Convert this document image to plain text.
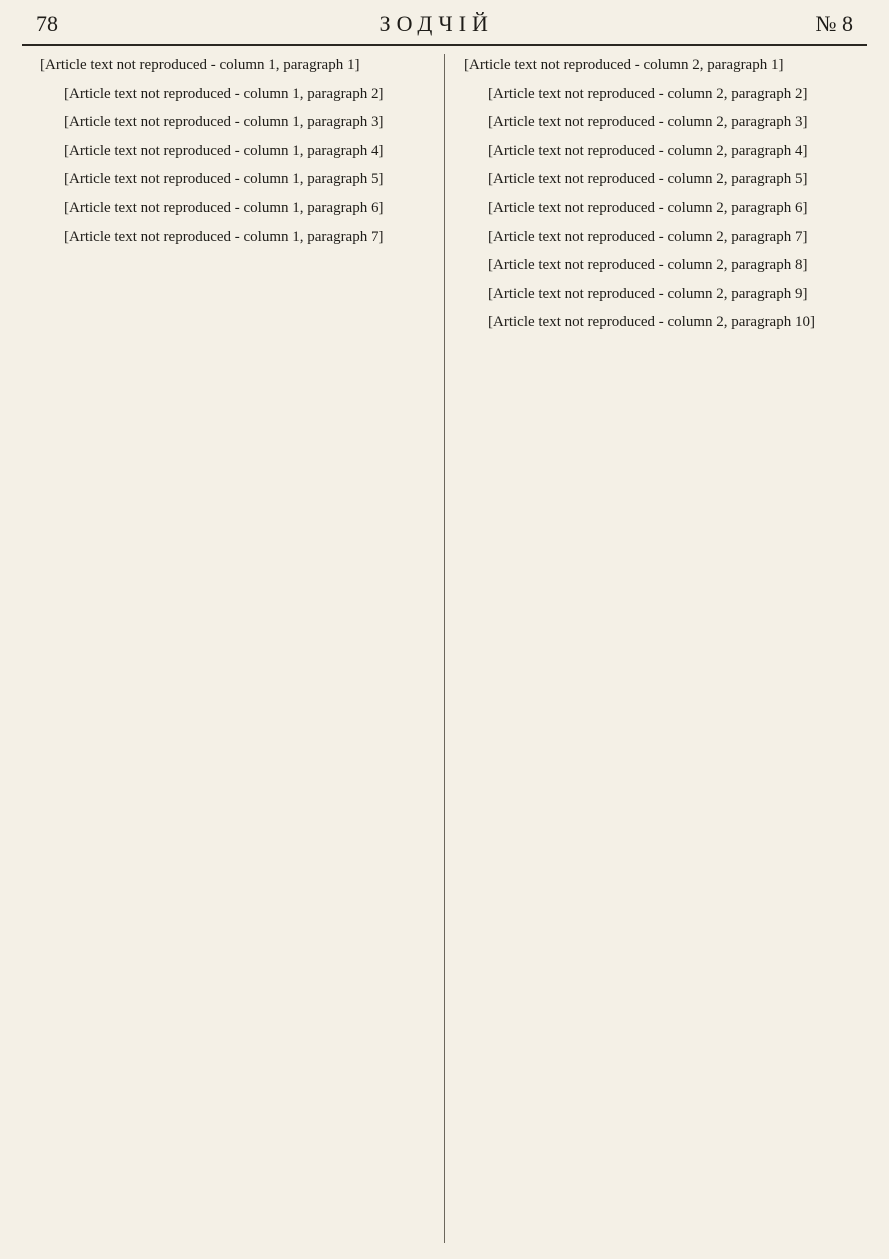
78	ЗОДЧІЙ	№ 8

[Article text not reproduced - column 1, paragraph 1]

[Article text not reproduced - column 1, paragraph 2]

[Article text not reproduced - column 1, paragraph 3]

[Article text not reproduced - column 1, paragraph 4]

[Article text not reproduced - column 1, paragraph 5]

[Article text not reproduced - column 1, paragraph 6]

[Article text not reproduced - column 1, paragraph 7]

[Article text not reproduced - column 2, paragraph 1]

[Article text not reproduced - column 2, paragraph 2]

[Article text not reproduced - column 2, paragraph 3]

[Article text not reproduced - column 2, paragraph 4]

[Article text not reproduced - column 2, paragraph 5]

[Article text not reproduced - column 2, paragraph 6]

[Article text not reproduced - column 2, paragraph 7]

[Article text not reproduced - column 2, paragraph 8]

[Article text not reproduced - column 2, paragraph 9]

[Article text not reproduced - column 2, paragraph 10]
